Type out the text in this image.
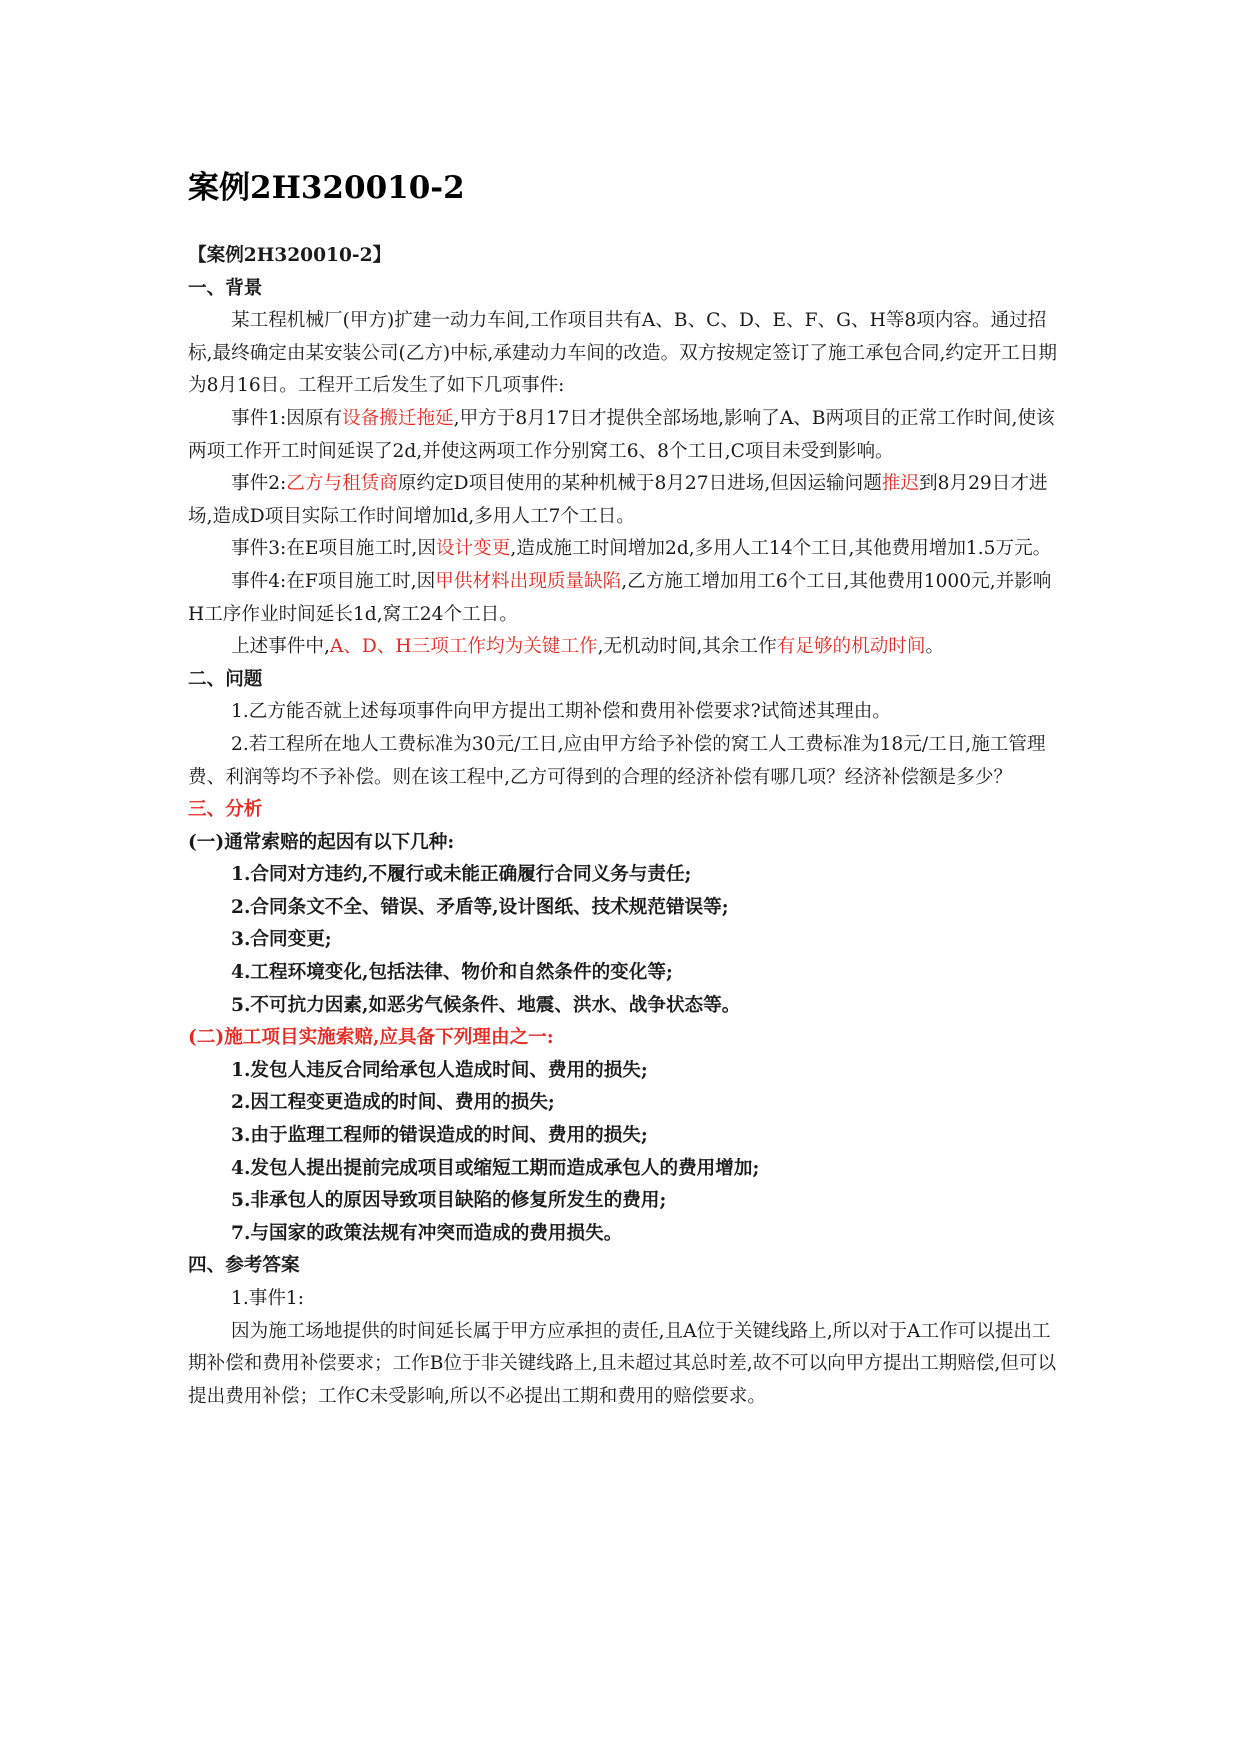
案例2H320010-2

【案例2H320010-2】

一、背景

某工程机械厂(甲方)扩建一动力车间,工作项目共有A、B、C、D、E、F、G、H等8项内容。通过招标,最终确定由某安装公司(乙方)中标,承建动力车间的改造。双方按规定签订了施工承包合同,约定开工日期为8月16日。工程开工后发生了如下几项事件:

事件1:因原有设备搬迁拖延,甲方于8月17日才提供全部场地,影响了A、B两项目的正常工作时间,使该两项工作开工时间延误了2d,并使这两项工作分别窝工6、8个工日,C项目未受到影响。

事件2:乙方与租赁商原约定D项目使用的某种机械于8月27日进场,但因运输问题推迟到8月29日才进场,造成D项目实际工作时间增加ld,多用人工7个工日。

事件3:在E项目施工时,因设计变更,造成施工时间增加2d,多用人工14个工日,其他费用增加1.5万元。

事件4:在F项目施工时,因甲供材料出现质量缺陷,乙方施工增加用工6个工日,其他费用1000元,并影响H工序作业时间延长1d,窝工24个工日。

上述事件中,A、D、H三项工作均为关键工作,无机动时间,其余工作有足够的机动时间。

二、问题

1.乙方能否就上述每项事件向甲方提出工期补偿和费用补偿要求?试简述其理由。

2.若工程所在地人工费标准为30元/工日,应由甲方给予补偿的窝工人工费标准为18元/工日,施工管理费、利润等均不予补偿。则在该工程中,乙方可得到的合理的经济补偿有哪几项？经济补偿额是多少？

三、分析

(一)通常索赔的起因有以下几种:

1.合同对方违约,不履行或未能正确履行合同义务与责任;

2.合同条文不全、错误、矛盾等,设计图纸、技术规范错误等;

3.合同变更;

4.工程环境变化,包括法律、物价和自然条件的变化等;

5.不可抗力因素,如恶劣气候条件、地震、洪水、战争状态等。

(二)施工项目实施索赔,应具备下列理由之一:

1.发包人违反合同给承包人造成时间、费用的损失;

2.因工程变更造成的时间、费用的损失;

3.由于监理工程师的错误造成的时间、费用的损失;

4.发包人提出提前完成项目或缩短工期而造成承包人的费用增加;

5.非承包人的原因导致项目缺陷的修复所发生的费用;

7.与国家的政策法规有冲突而造成的费用损失。

四、参考答案

1.事件1:

因为施工场地提供的时间延长属于甲方应承担的责任,且A位于关键线路上,所以对于A工作可以提出工期补偿和费用补偿要求；工作B位于非关键线路上,且未超过其总时差,故不可以向甲方提出工期赔偿,但可以提出费用补偿；工作C未受影响,所以不必提出工期和费用的赔偿要求。
